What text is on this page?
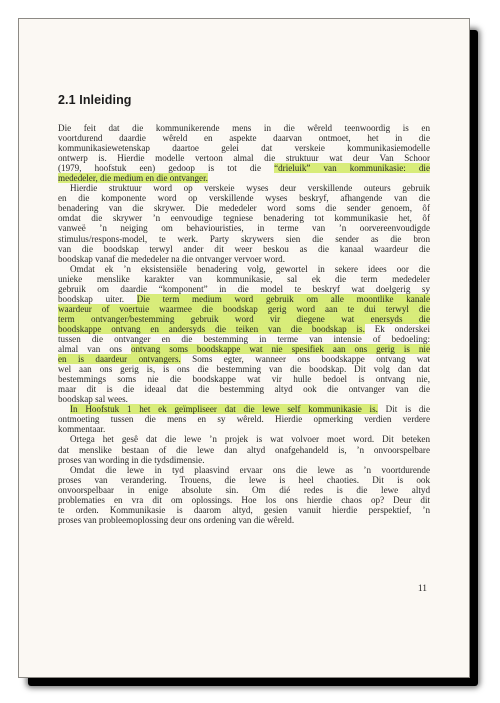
2.1 Inleiding
Die feit dat die kommunikerende mens in die wêreld teenwoordig is en
voortdurend daardie wêreld en aspekte daarvan ontmoet, het in die
kommunikasiewetenskap daartoe gelei dat verskeie kommunikasiemodelle
ontwerp is. Hierdie modelle vertoon almal die struktuur wat deur Van Schoor
(1979, hoofstuk een) gedoop is tot die “drieluik” van kommunikasie: die
mededeler, die medium en die ontvanger.
Hierdie struktuur word op verskeie wyses deur verskillende outeurs gebruik
en die komponente word op verskillende wyses beskryf, afhangende van die
benadering van die skrywer. Die mededeler word soms die sender genoem, ôf
omdat die skrywer ’n eenvoudige tegniese benadering tot kommunikasie het, ôf
vanweë ’n neiging om behaviouristies, in terme van ’n oorvereenvoudigde
stimulus/respons-model, te werk. Party skrywers sien die sender as die bron
van die boodskap terwyl ander dit weer beskou as die kanaal waardeur die
boodskap vanaf die mededeler na die ontvanger vervoer word.
Omdat ek ’n eksistensiële benadering volg, gewortel in sekere idees oor die
unieke menslike karakter van kommunikasie, sal ek die term mededeler
gebruik om daardie “komponent” in die model te beskryf wat doelgerig sy
boodskap uiter. Die term medium word gebruik om alle moontlike kanale
waardeur of voertuie waarmee die boodskap gerig word aan te dui terwyl die
term ontvanger/bestemming gebruik word vir diegene wat enersyds die
boodskappe ontvang en andersyds die teiken van die boodskap is. Ek onderskei
tussen die ontvanger en die bestemming in terme van intensie of bedoeling:
almal van ons ontvang soms boodskappe wat nie spesifiek aan ons gerig is nie
en is daardeur ontvangers. Soms egter, wanneer ons boodskappe ontvang wat
wel aan ons gerig is, is ons die bestemming van die boodskap. Dit volg dan dat
bestemmings soms nie die boodskappe wat vir hulle bedoel is ontvang nie,
maar dit is die ideaal dat die bestemming altyd ook die ontvanger van die
boodskap sal wees.
In Hoofstuk 1 het ek geïmpliseer dat die lewe self kommunikasie is. Dit is die
ontmoeting tussen die mens en sy wêreld. Hierdie opmerking verdien verdere
kommentaar.
Ortega het gesê dat die lewe ’n projek is wat volvoer moet word. Dit beteken
dat menslike bestaan of die lewe dan altyd onafgehandeld is, ’n onvoorspelbare
proses van wording in die tydsdimensie.
Omdat die lewe in tyd plaasvind ervaar ons die lewe as ’n voortdurende
proses van verandering. Trouens, die lewe is heel chaoties. Dit is ook
onvoorspelbaar in enige absolute sin. Om dié redes is die lewe altyd
problematies en vra dit om oplossings. Hoe los ons hierdie chaos op? Deur dit
te orden. Kommunikasie is daarom altyd, gesien vanuit hierdie perspektief, ’n
proses van probleemoplossing deur ons ordening van die wêreld.
11
